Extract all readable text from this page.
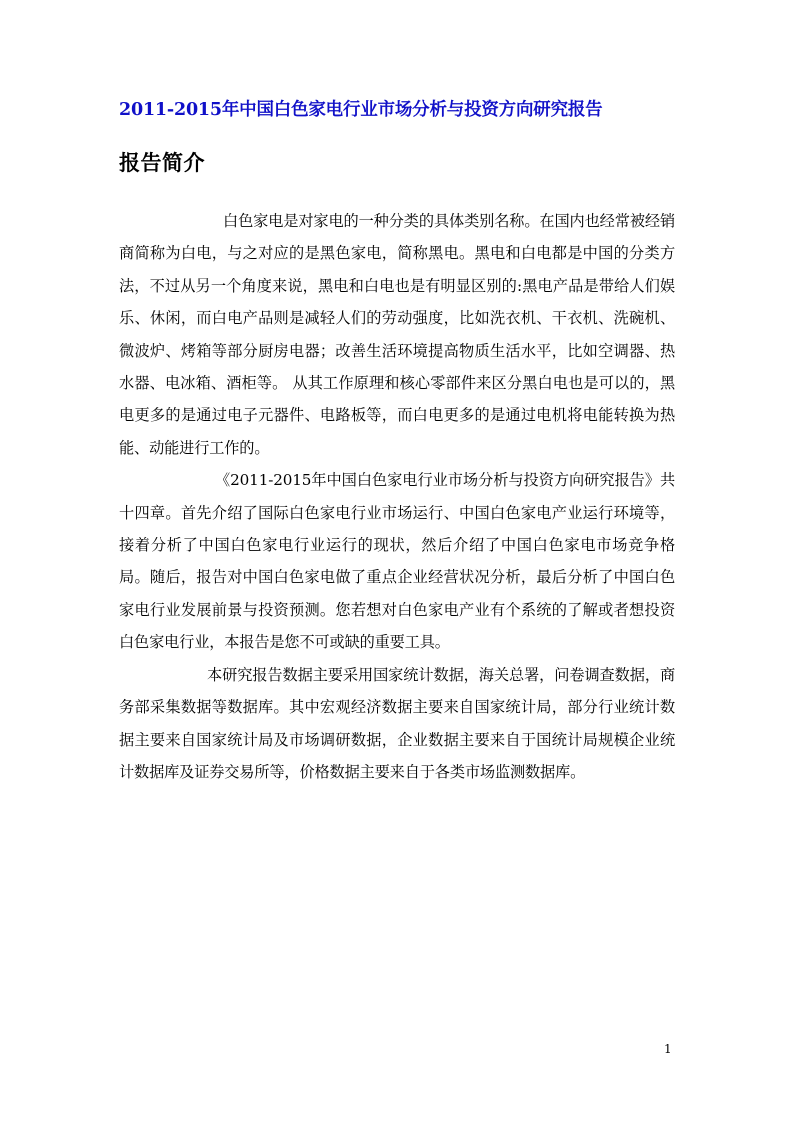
2011-2015年中国白色家电行业市场分析与投资方向研究报告
报告简介

白色家电是对家电的一种分类的具体类别名称。在国内也经常被经销商简称为白电，与之对应的是黑色家电，简称黑电。黑电和白电都是中国的分类方法，不过从另一个角度来说，黑电和白电也是有明显区别的:黑电产品是带给人们娱乐、休闲，而白电产品则是减轻人们的劳动强度，比如洗衣机、干衣机、洗碗机、微波炉、烤箱等部分厨房电器；改善生活环境提高物质生活水平，比如空调器、热水器、电冰箱、酒柜等。 从其工作原理和核心零部件来区分黑白电也是可以的，黑电更多的是通过电子元器件、电路板等，而白电更多的是通过电机将电能转换为热能、动能进行工作的。

《2011-2015年中国白色家电行业市场分析与投资方向研究报告》共十四章。首先介绍了国际白色家电行业市场运行、中国白色家电产业运行环境等，接着分析了中国白色家电行业运行的现状，然后介绍了中国白色家电市场竞争格局。随后，报告对中国白色家电做了重点企业经营状况分析，最后分析了中国白色家电行业发展前景与投资预测。您若想对白色家电产业有个系统的了解或者想投资白色家电行业，本报告是您不可或缺的重要工具。

本研究报告数据主要采用国家统计数据，海关总署，问卷调查数据，商务部采集数据等数据库。其中宏观经济数据主要来自国家统计局，部分行业统计数据主要来自国家统计局及市场调研数据，企业数据主要来自于国统计局规模企业统计数据库及证券交易所等，价格数据主要来自于各类市场监测数据库。

1
